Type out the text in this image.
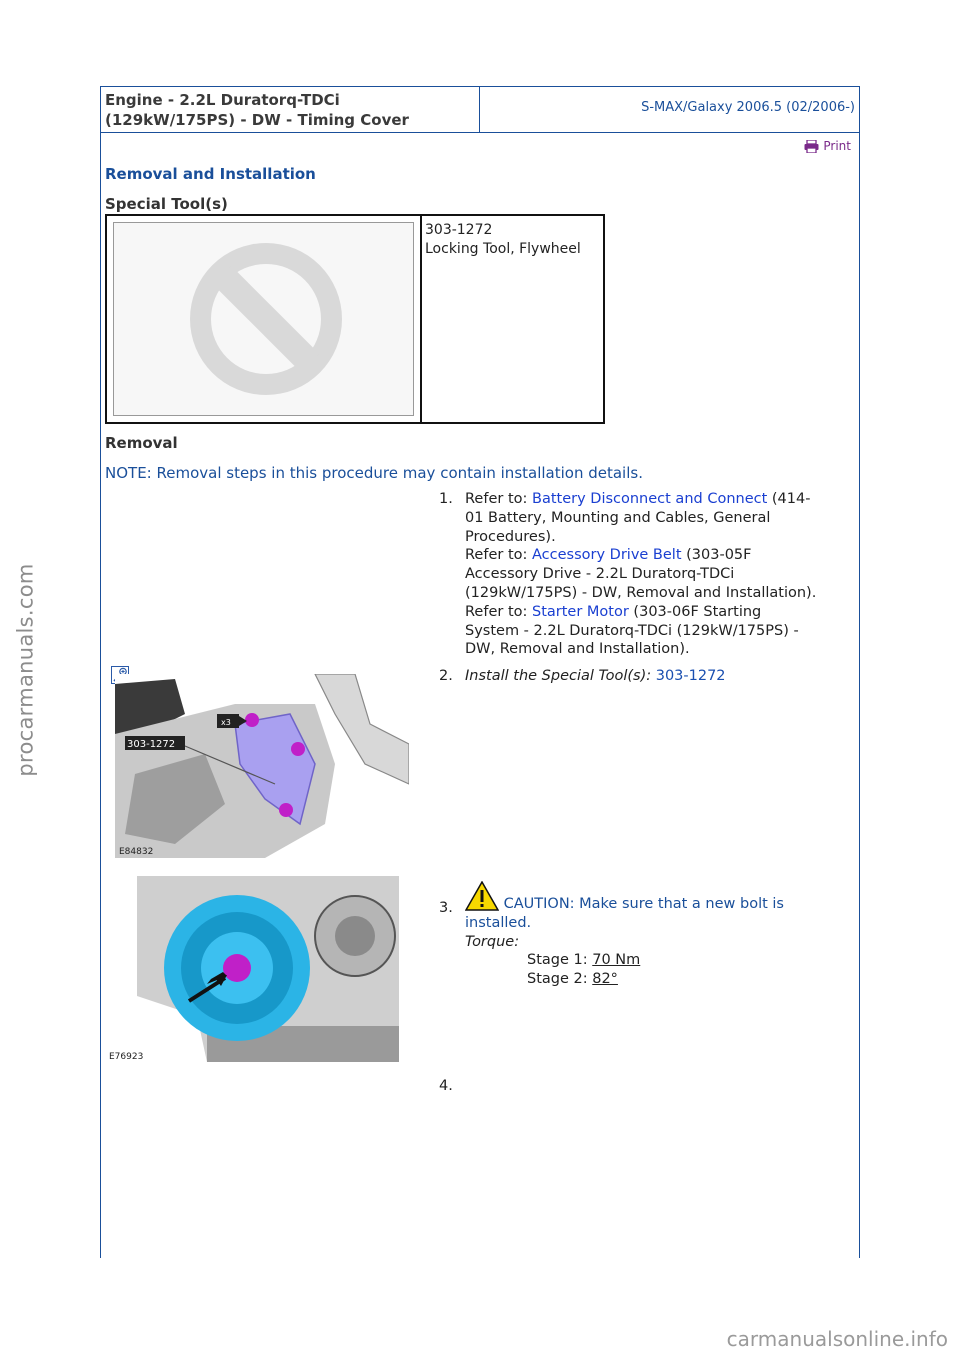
procarmanuals.com
carmanualsonline.info
Engine - 2.2L Duratorq-TDCi
(129kW/175PS) - DW - Timing Cover
S-MAX/Galaxy 2006.5 (02/2006-)
Print
Removal and Installation
Special Tool(s)
303-1272
Locking Tool, Flywheel
Removal
NOTE: Removal steps in this procedure may contain installation details.
1. Refer to: Battery Disconnect and Connect (414-
01 Battery, Mounting and Cables, General
Procedures).
Refer to: Accessory Drive Belt (303-05F
Accessory Drive - 2.2L Duratorq-TDCi
(129kW/175PS) - DW, Removal and Installation).
Refer to: Starter Motor (303-06F Starting
System - 2.2L Duratorq-TDCi (129kW/175PS) -
DW, Removal and Installation).
x3
303-1272
E84832
2. Install the Special Tool(s): 303-1272
E76923
3.	CAUTION: Make sure that a new bolt is
installed.
Torque:
Stage 1: 70 Nm
Stage 2: 82°
4.
